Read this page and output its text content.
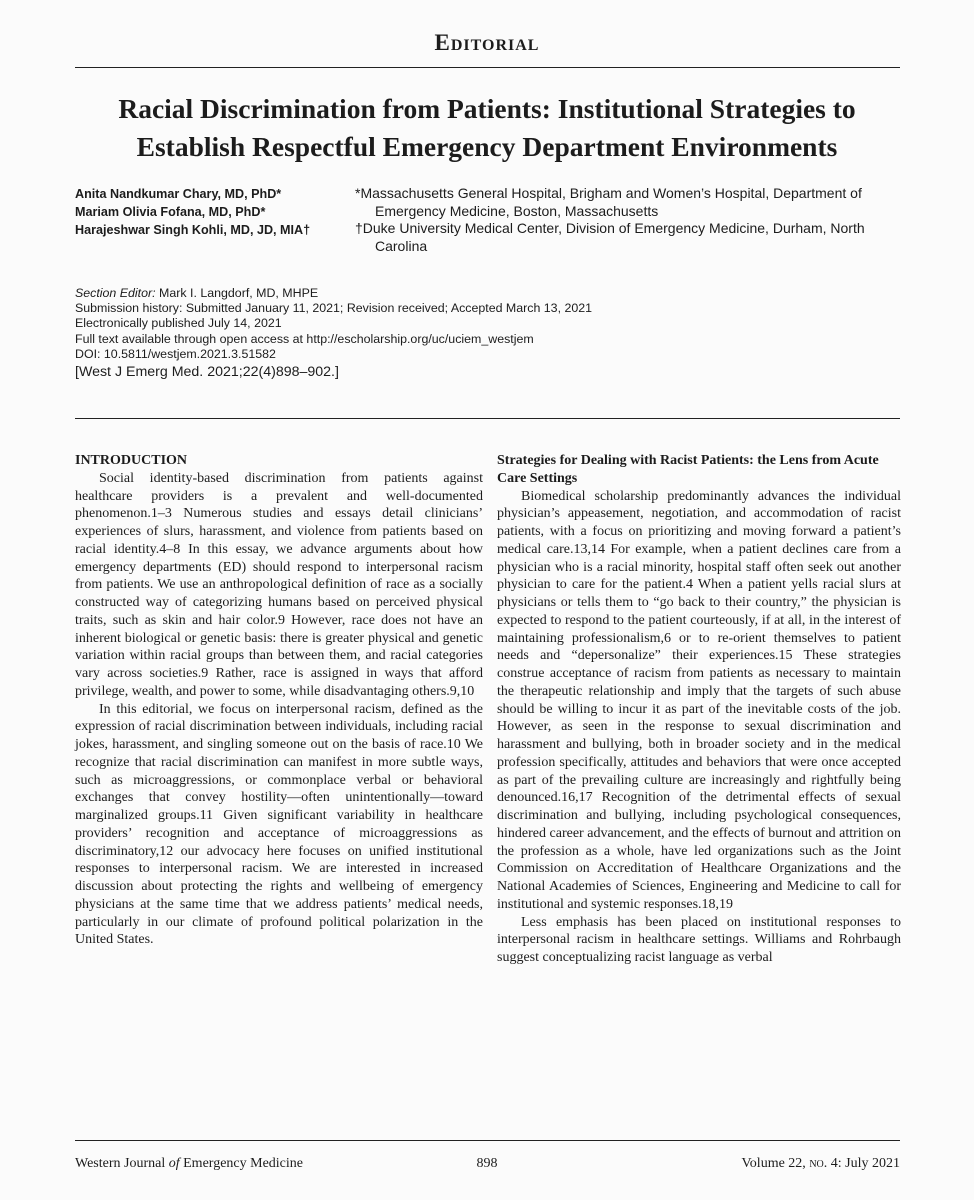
Editorial
Racial Discrimination from Patients: Institutional Strategies to
Establish Respectful Emergency Department Environments
Anita Nandkumar Chary, MD, PhD*
Mariam Olivia Fofana, MD, PhD*
Harajeshwar Singh Kohli, MD, JD, MIA†
*Massachusetts General Hospital, Brigham and Women’s Hospital, Department of Emergency Medicine, Boston, Massachusetts
†Duke University Medical Center, Division of Emergency Medicine, Durham, North Carolina
Section Editor: Mark I. Langdorf, MD, MHPE
Submission history: Submitted January 11, 2021; Revision received; Accepted March 13, 2021
Electronically published July 14, 2021
Full text available through open access at http://escholarship.org/uc/uciem_westjem
DOI: 10.5811/westjem.2021.3.51582
[West J Emerg Med. 2021;22(4)898–902.]
INTRODUCTION

Social identity-based discrimination from patients against healthcare providers is a prevalent and well-documented phenomenon.1–3 Numerous studies and essays detail clinicians’ experiences of slurs, harassment, and violence from patients based on racial identity.4–8 In this essay, we advance arguments about how emergency departments (ED) should respond to interpersonal racism from patients. We use an anthropological definition of race as a socially constructed way of categorizing humans based on perceived physical traits, such as skin and hair color.9 However, race does not have an inherent biological or genetic basis: there is greater physical and genetic variation within racial groups than between them, and racial categories vary across societies.9 Rather, race is assigned in ways that afford privilege, wealth, and power to some, while disadvantaging others.9,10

In this editorial, we focus on interpersonal racism, defined as the expression of racial discrimination between individuals, including racial jokes, harassment, and singling someone out on the basis of race.10 We recognize that racial discrimination can manifest in more subtle ways, such as microaggressions, or commonplace verbal or behavioral exchanges that convey hostility—often unintentionally—toward marginalized groups.11 Given significant variability in healthcare providers’ recognition and acceptance of microaggressions as discriminatory,12 our advocacy here focuses on unified institutional responses to interpersonal racism. We are interested in increased discussion about protecting the rights and wellbeing of emergency physicians at the same time that we address patients’ medical needs, particularly in our climate of profound political polarization in the United States.

Strategies for Dealing with Racist Patients: the Lens from Acute Care Settings

Biomedical scholarship predominantly advances the individual physician’s appeasement, negotiation, and accommodation of racist patients, with a focus on prioritizing and moving forward a patient’s medical care.13,14 For example, when a patient declines care from a physician who is a racial minority, hospital staff often seek out another physician to care for the patient.4 When a patient yells racial slurs at physicians or tells them to “go back to their country,” the physician is expected to respond to the patient courteously, if at all, in the interest of maintaining professionalism,6 or to re-orient themselves to patient needs and “depersonalize” their experiences.15 These strategies construe acceptance of racism from patients as necessary to maintain the therapeutic relationship and imply that the targets of such abuse should be willing to incur it as part of the inevitable costs of the job. However, as seen in the response to sexual discrimination and harassment and bullying, both in broader society and in the medical profession specifically, attitudes and behaviors that were once accepted as part of the prevailing culture are increasingly and rightfully being denounced.16,17 Recognition of the detrimental effects of sexual discrimination and bullying, including psychological consequences, hindered career advancement, and the effects of burnout and attrition on the profession as a whole, have led organizations such as the Joint Commission on Accreditation of Healthcare Organizations and the National Academies of Sciences, Engineering and Medicine to call for institutional and systemic responses.18,19

Less emphasis has been placed on institutional responses to interpersonal racism in healthcare settings. Williams and Rohrbaugh suggest conceptualizing racist language as verbal

Western Journal of Emergency Medicine	898	Volume 22, no. 4: July 2021
